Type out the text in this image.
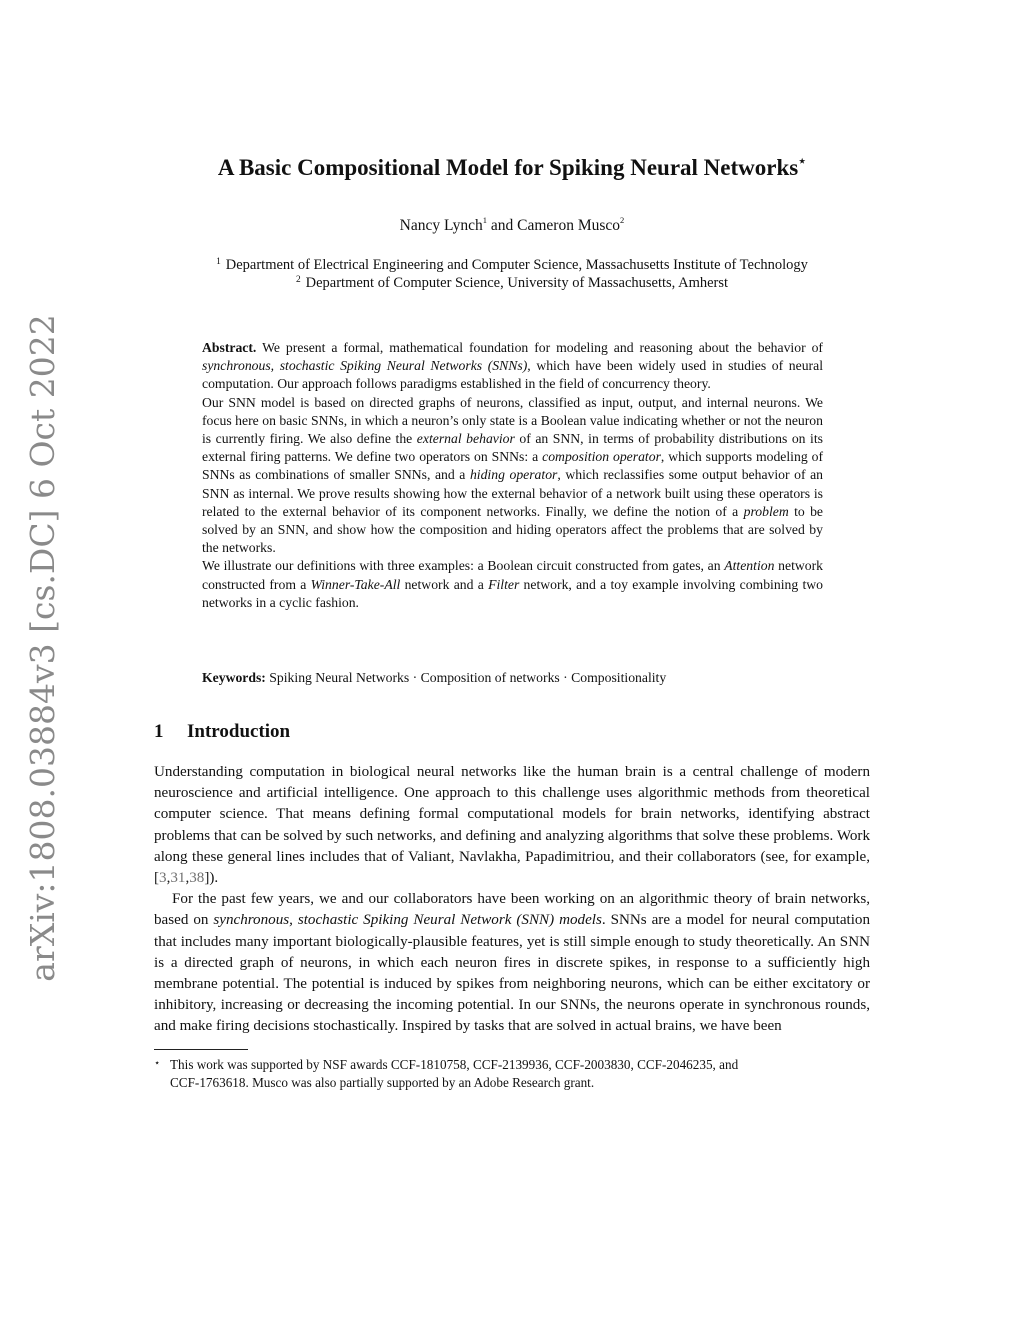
arXiv:1808.03884v3 [cs.DC] 6 Oct 2022
A Basic Compositional Model for Spiking Neural Networks⋆
Nancy Lynch$^1$ and Cameron Musco$^2$
$^1$ Department of Electrical Engineering and Computer Science, Massachusetts Institute of Technology
$^2$ Department of Computer Science, University of Massachusetts, Amherst

Abstract. We present a formal, mathematical foundation for modeling and reasoning about the behavior of synchronous, stochastic Spiking Neural Networks (SNNs), which have been widely used in studies of neural computation. Our approach follows paradigms established in the field of concurrency theory.

Our SNN model is based on directed graphs of neurons, classified as input, output, and internal neurons. We focus here on basic SNNs, in which a neuron’s only state is a Boolean value indicating whether or not the neuron is currently firing. We also define the external behavior of an SNN, in terms of probability distributions on its external firing patterns. We define two operators on SNNs: a composition operator, which supports modeling of SNNs as combinations of smaller SNNs, and a hiding operator, which reclassifies some output behavior of an SNN as internal. We prove results showing how the external behavior of a network built using these operators is related to the external behavior of its component networks. Finally, we define the notion of a problem to be solved by an SNN, and show how the composition and hiding operators affect the problems that are solved by the networks.

We illustrate our definitions with three examples: a Boolean circuit constructed from gates, an Attention network constructed from a Winner-Take-All network and a Filter network, and a toy example involving combining two networks in a cyclic fashion.

Keywords: Spiking Neural Networks · Composition of networks · Compositionality
1 Introduction

Understanding computation in biological neural networks like the human brain is a central challenge of modern neuroscience and artificial intelligence. One approach to this challenge uses algorithmic methods from theoretical computer science. That means defining formal computational models for brain networks, identifying abstract problems that can be solved by such networks, and defining and analyzing algorithms that solve these problems. Work along these general lines includes that of Valiant, Navlakha, Papadimitriou, and their collaborators (see, for example, [3,31,38]).

For the past few years, we and our collaborators have been working on an algorithmic theory of brain networks, based on synchronous, stochastic Spiking Neural Network (SNN) models. SNNs are a model for neural computation that includes many important biologically-plausible features, yet is still simple enough to study theoretically. An SNN is a directed graph of neurons, in which each neuron fires in discrete spikes, in response to a sufficiently high membrane potential. The potential is induced by spikes from neighboring neurons, which can be either excitatory or inhibitory, increasing or decreasing the incoming potential. In our SNNs, the neurons operate in synchronous rounds, and make firing decisions stochastically. Inspired by tasks that are solved in actual brains, we have been

⋆ This work was supported by NSF awards CCF-1810758, CCF-2139936, CCF-2003830, CCF-2046235, and
CCF-1763618. Musco was also partially supported by an Adobe Research grant.
